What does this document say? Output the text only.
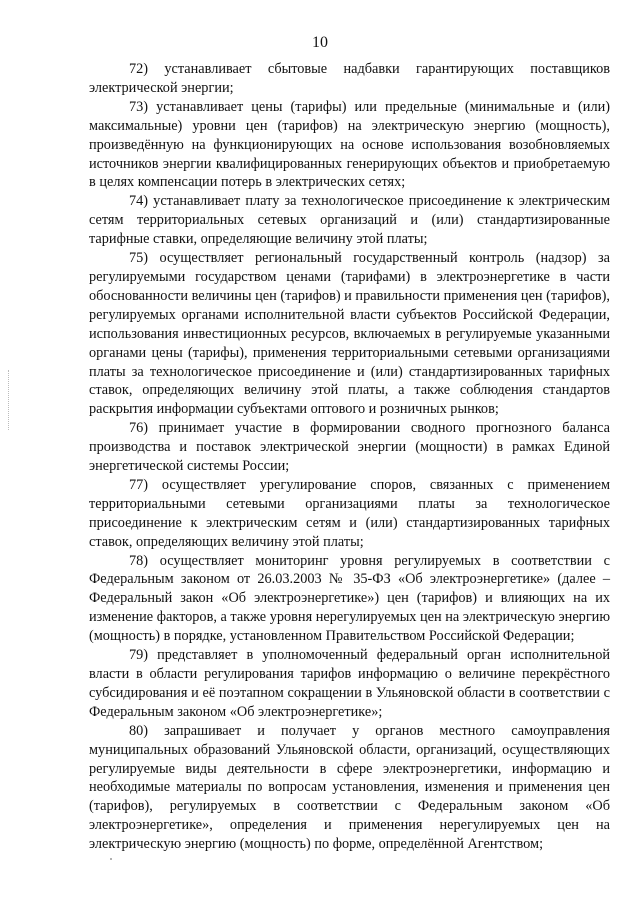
10

72) устанавливает сбытовые надбавки гарантирующих поставщиков электрической энергии;

73) устанавливает цены (тарифы) или предельные (минимальные и (или) максимальные) уровни цен (тарифов) на электрическую энергию (мощность), произведённую на функционирующих на основе использования возобновляемых источников энергии квалифицированных генерирующих объектов и приобретаемую в целях компенсации потерь в электрических сетях;

74) устанавливает плату за технологическое присоединение к электрическим сетям территориальных сетевых организаций и (или) стандартизированные тарифные ставки, определяющие величину этой платы;

75) осуществляет региональный государственный контроль (надзор) за регулируемыми государством ценами (тарифами) в электроэнергетике в части обоснованности величины цен (тарифов) и правильности применения цен (тарифов), регулируемых органами исполнительной власти субъектов Российской Федерации, использования инвестиционных ресурсов, включаемых в регулируемые указанными органами цены (тарифы), применения территориальными сетевыми организациями платы за технологическое присоединение и (или) стандартизированных тарифных ставок, определяющих величину этой платы, а также соблюдения стандартов раскрытия информации субъектами оптового и розничных рынков;

76) принимает участие в формировании сводного прогнозного баланса производства и поставок электрической энергии (мощности) в рамках Единой энергетической системы России;

77) осуществляет урегулирование споров, связанных с применением территориальными сетевыми организациями платы за технологическое присоединение к электрическим сетям и (или) стандартизированных тарифных ставок, определяющих величину этой платы;

78) осуществляет мониторинг уровня регулируемых в соответствии с Федеральным законом от 26.03.2003 № 35-ФЗ «Об электроэнергетике» (далее – Федеральный закон «Об электроэнергетике») цен (тарифов) и влияющих на их изменение факторов, а также уровня нерегулируемых цен на электрическую энергию (мощность) в порядке, установленном Правительством Российской Федерации;

79) представляет в уполномоченный федеральный орган исполнительной власти в области регулирования тарифов информацию о величине перекрёстного субсидирования и её поэтапном сокращении в Ульяновской области в соответствии с Федеральным законом «Об электроэнергетике»;

80) запрашивает и получает у органов местного самоуправления муниципальных образований Ульяновской области, организаций, осуществляющих регулируемые виды деятельности в сфере электроэнергетики, информацию и необходимые материалы по вопросам установления, изменения и применения цен (тарифов), регулируемых в соответствии с Федеральным законом «Об электроэнергетике», определения и применения нерегулируемых цен на электрическую энергию (мощность) по форме, определённой Агентством;
